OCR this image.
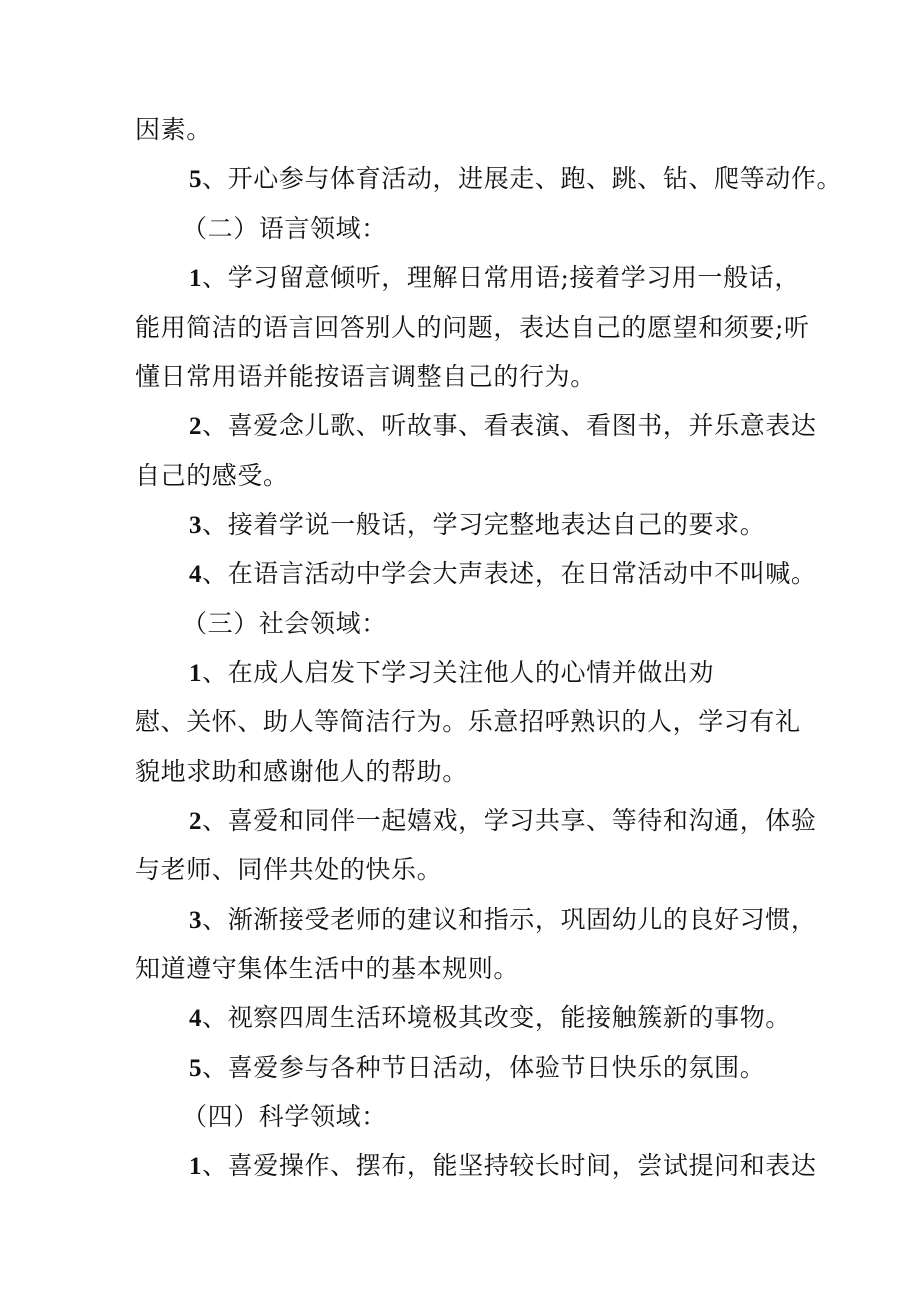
因素。
5、开心参与体育活动，进展走、跑、跳、钻、爬等动作。
（二）语言领域：
1、学习留意倾听，理解日常用语;接着学习用一般话，
能用简洁的语言回答别人的问题，表达自己的愿望和须要;听
懂日常用语并能按语言调整自己的行为。
2、喜爱念儿歌、听故事、看表演、看图书，并乐意表达
自己的感受。
3、接着学说一般话，学习完整地表达自己的要求。
4、在语言活动中学会大声表述，在日常活动中不叫喊。
（三）社会领域：
1、在成人启发下学习关注他人的心情并做出劝
慰、关怀、助人等简洁行为。乐意招呼熟识的人，学习有礼
貌地求助和感谢他人的帮助。
2、喜爱和同伴一起嬉戏，学习共享、等待和沟通，体验
与老师、同伴共处的快乐。
3、渐渐接受老师的建议和指示，巩固幼儿的良好习惯，
知道遵守集体生活中的基本规则。
4、视察四周生活环境极其改变，能接触簇新的事物。
5、喜爱参与各种节日活动，体验节日快乐的氛围。
（四）科学领域：
1、喜爱操作、摆布，能坚持较长时间，尝试提问和表达
